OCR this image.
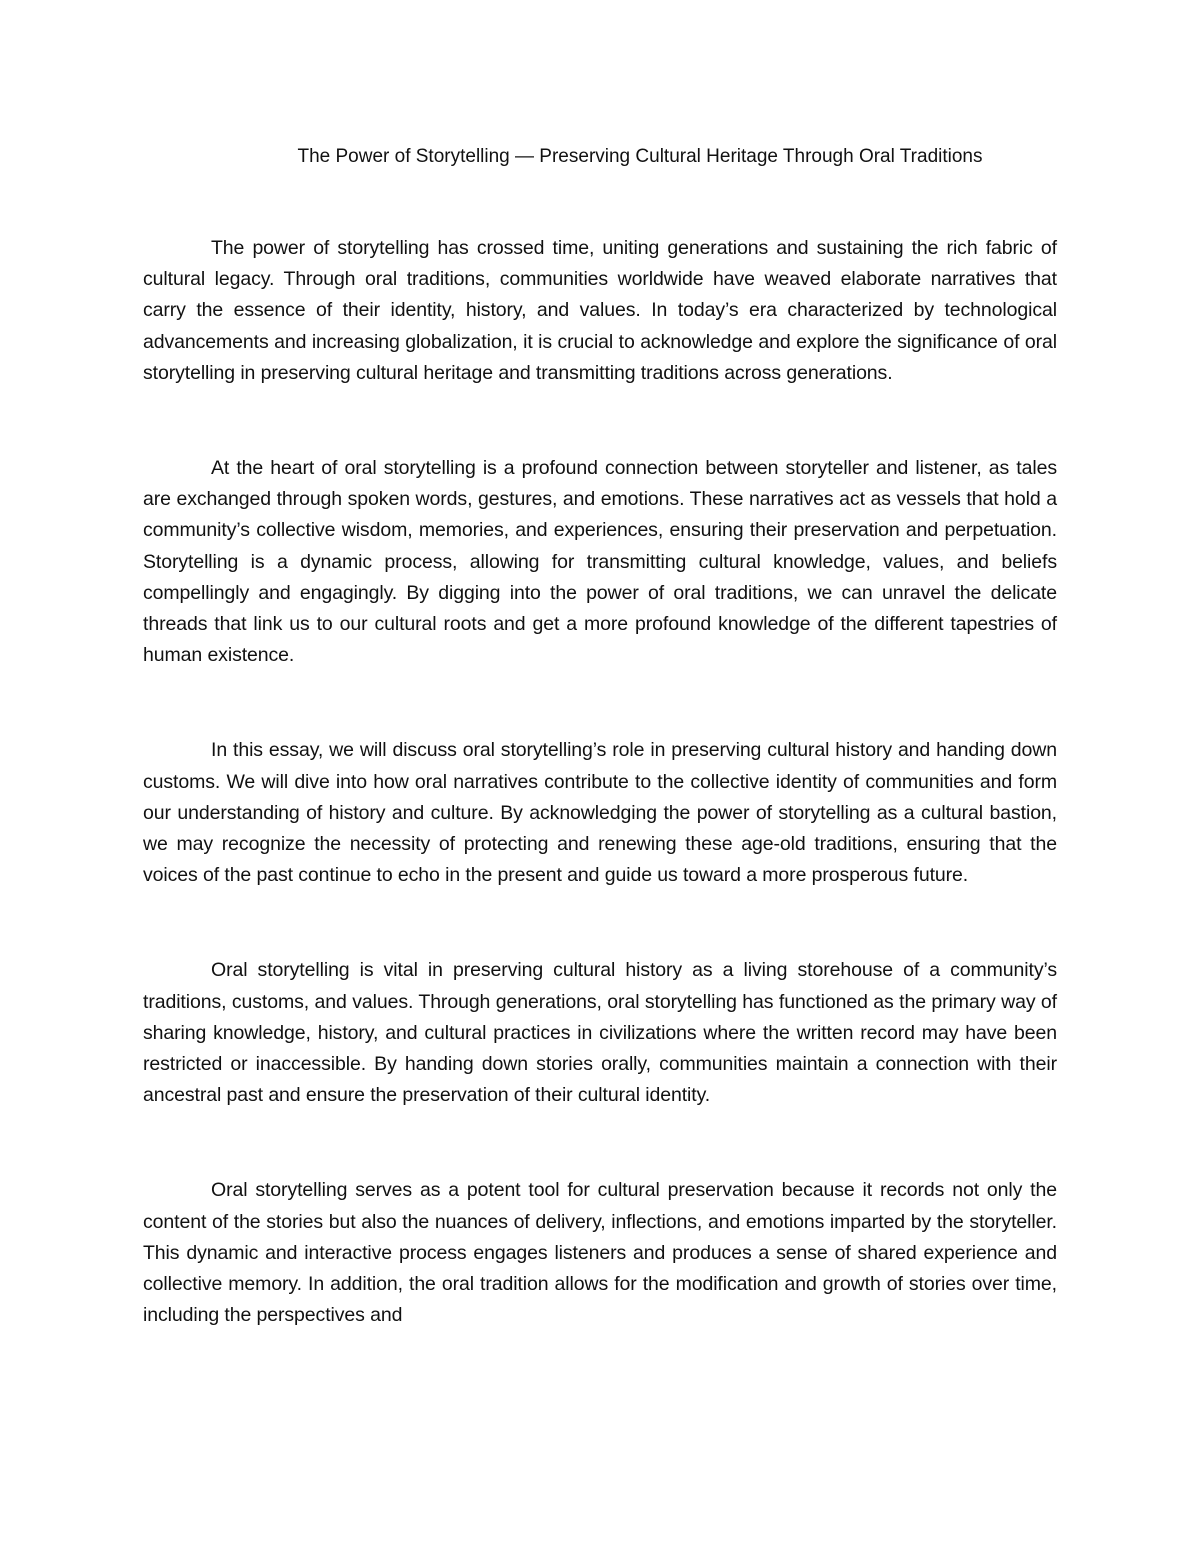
The Power of Storytelling — Preserving Cultural Heritage Through Oral Traditions

The power of storytelling has crossed time, uniting generations and sustaining the rich fabric of cultural legacy. Through oral traditions, communities worldwide have weaved elaborate narratives that carry the essence of their identity, history, and values. In today’s era characterized by technological advancements and increasing globalization, it is crucial to acknowledge and explore the significance of oral storytelling in preserving cultural heritage and transmitting traditions across generations.

At the heart of oral storytelling is a profound connection between storyteller and listener, as tales are exchanged through spoken words, gestures, and emotions. These narratives act as vessels that hold a community’s collective wisdom, memories, and experiences, ensuring their preservation and perpetuation. Storytelling is a dynamic process, allowing for transmitting cultural knowledge, values, and beliefs compellingly and engagingly. By digging into the power of oral traditions, we can unravel the delicate threads that link us to our cultural roots and get a more profound knowledge of the different tapestries of human existence.

In this essay, we will discuss oral storytelling’s role in preserving cultural history and handing down customs. We will dive into how oral narratives contribute to the collective identity of communities and form our understanding of history and culture. By acknowledging the power of storytelling as a cultural bastion, we may recognize the necessity of protecting and renewing these age-old traditions, ensuring that the voices of the past continue to echo in the present and guide us toward a more prosperous future.

Oral storytelling is vital in preserving cultural history as a living storehouse of a community’s traditions, customs, and values. Through generations, oral storytelling has functioned as the primary way of sharing knowledge, history, and cultural practices in civilizations where the written record may have been restricted or inaccessible. By handing down stories orally, communities maintain a connection with their ancestral past and ensure the preservation of their cultural identity.

Oral storytelling serves as a potent tool for cultural preservation because it records not only the content of the stories but also the nuances of delivery, inflections, and emotions imparted by the storyteller. This dynamic and interactive process engages listeners and produces a sense of shared experience and collective memory. In addition, the oral tradition allows for the modification and growth of stories over time, including the perspectives and
